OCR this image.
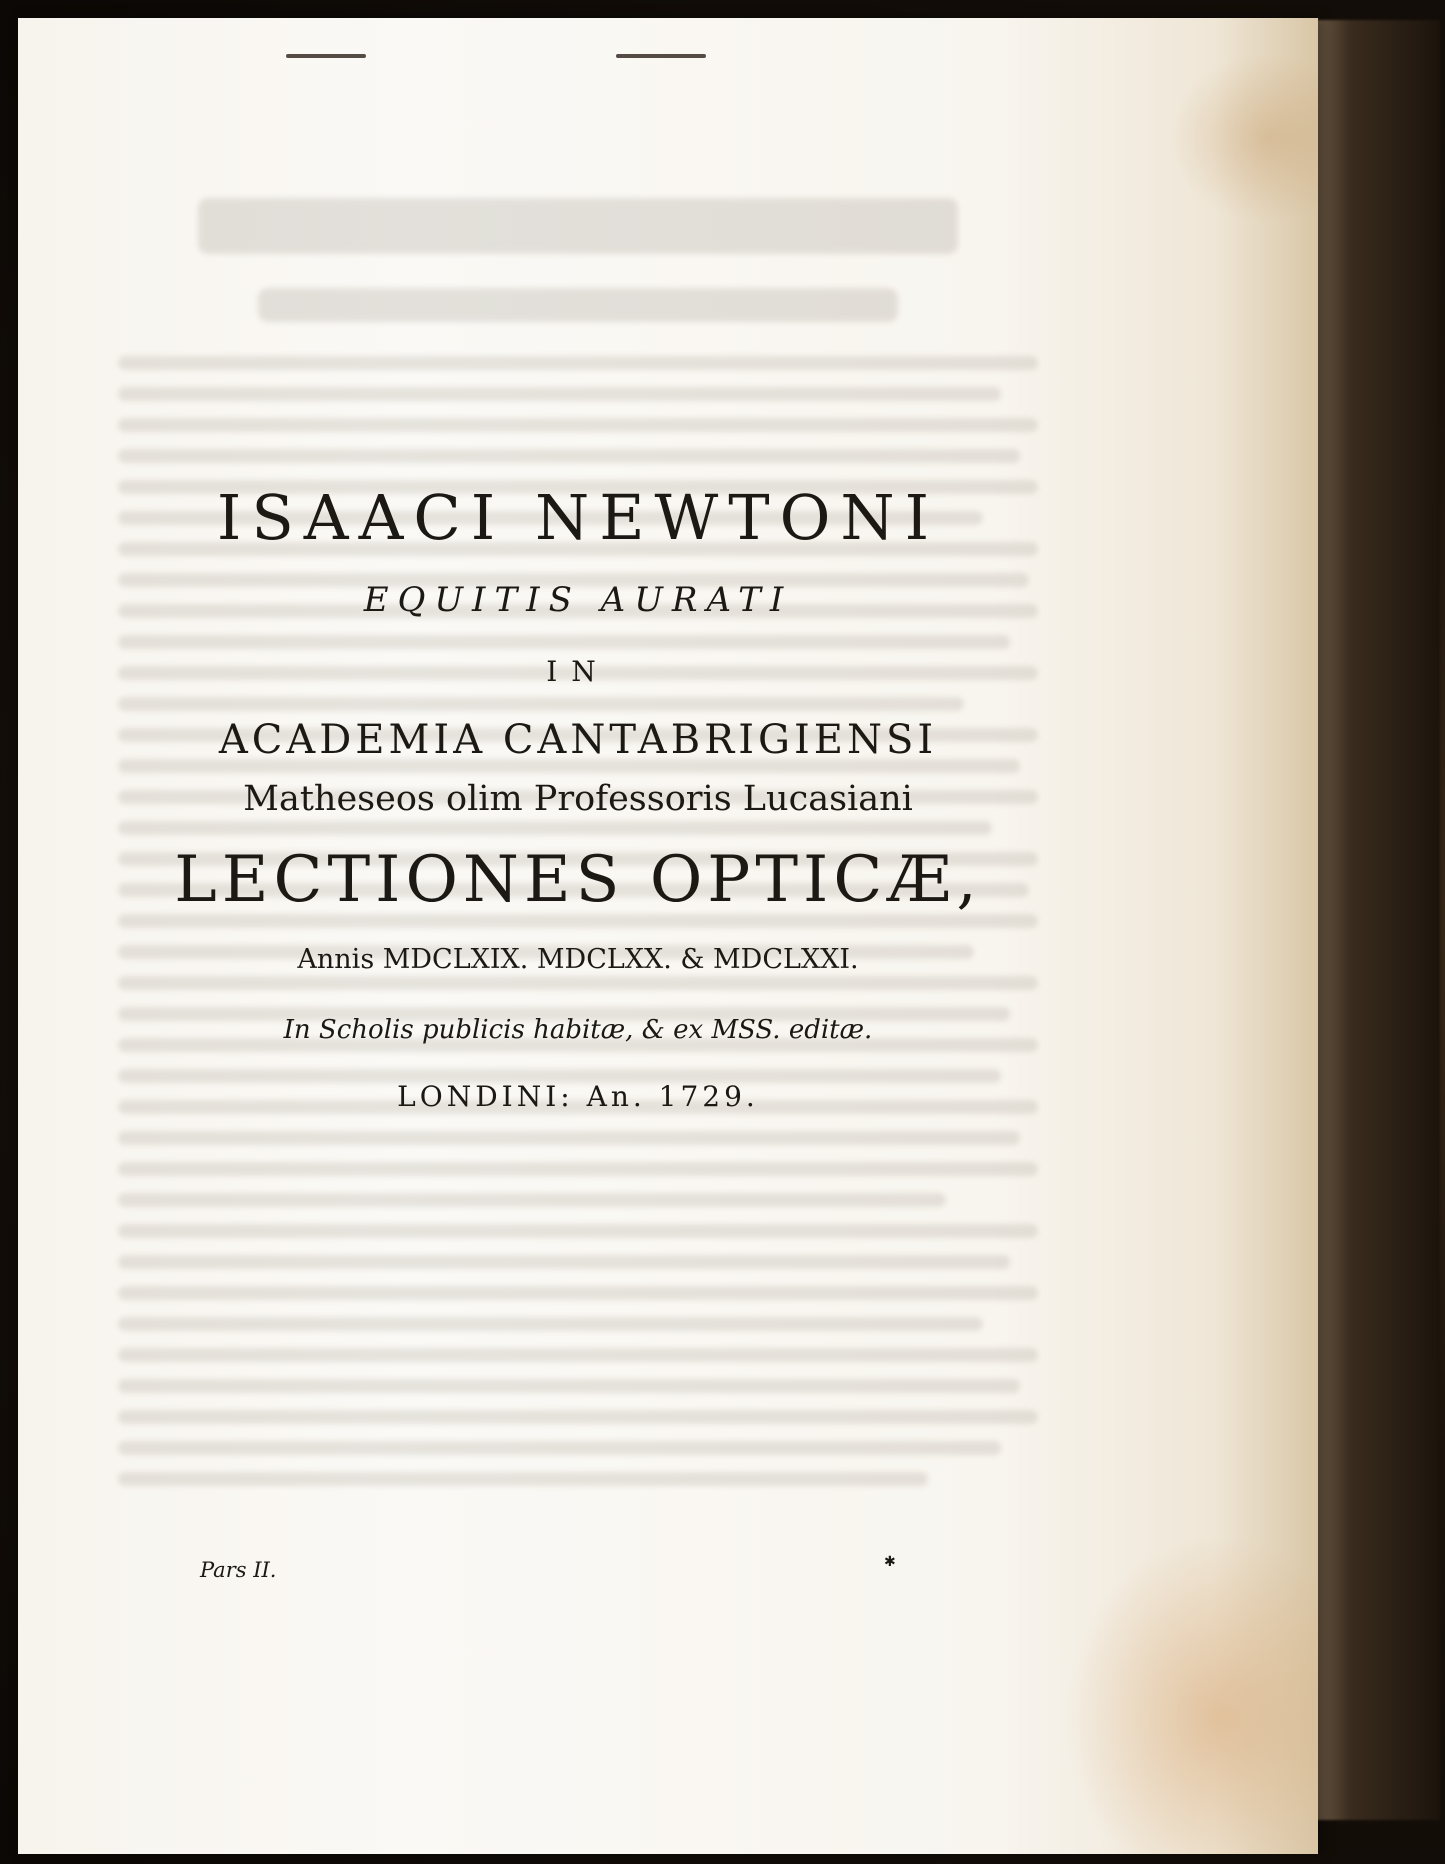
ISAACI NEWTONI
EQUITIS AURATI
IN
ACADEMIA CANTABRIGIENSI
Matheseos olim Professoris Lucasiani
LECTIONES OPTICÆ,
Annis MDCLXIX. MDCLXX. & MDCLXXI.
In Scholis publicis habitæ, & ex MSS. editæ.
LONDINI: An. 1729.
Pars II.	✱
